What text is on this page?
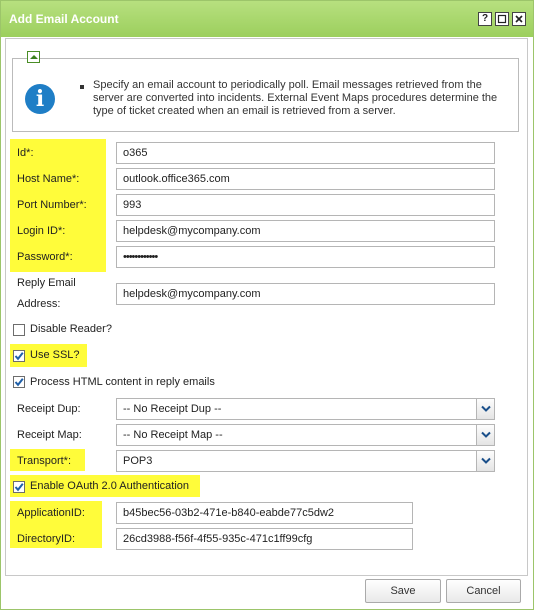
Add Email Account	?
i
Specify an email account to periodically poll. Email messages retrieved from the server are converted into incidents. External Event Maps procedures determine the type of ticket created when an email is retrieved from a server.
Id*:	o365
Host Name*:	outlook.office365.com
Port Number*:	993
Login ID*:	helpdesk@mycompany.com
Password*:	••••••••••••
Reply Email
Address:
helpdesk@mycompany.com
Disable Reader?
Use SSL?
Process HTML content in reply emails
Receipt Dup:	-- No Receipt Dup --
Receipt Map:	-- No Receipt Map --
Transport*:	POP3
Enable OAuth 2.0 Authentication
ApplicationID:	b45bec56-03b2-471e-b840-eabde77c5dw2
DirectoryID:	26cd3988-f56f-4f55-935c-471c1ff99cfg
Save	Cancel
